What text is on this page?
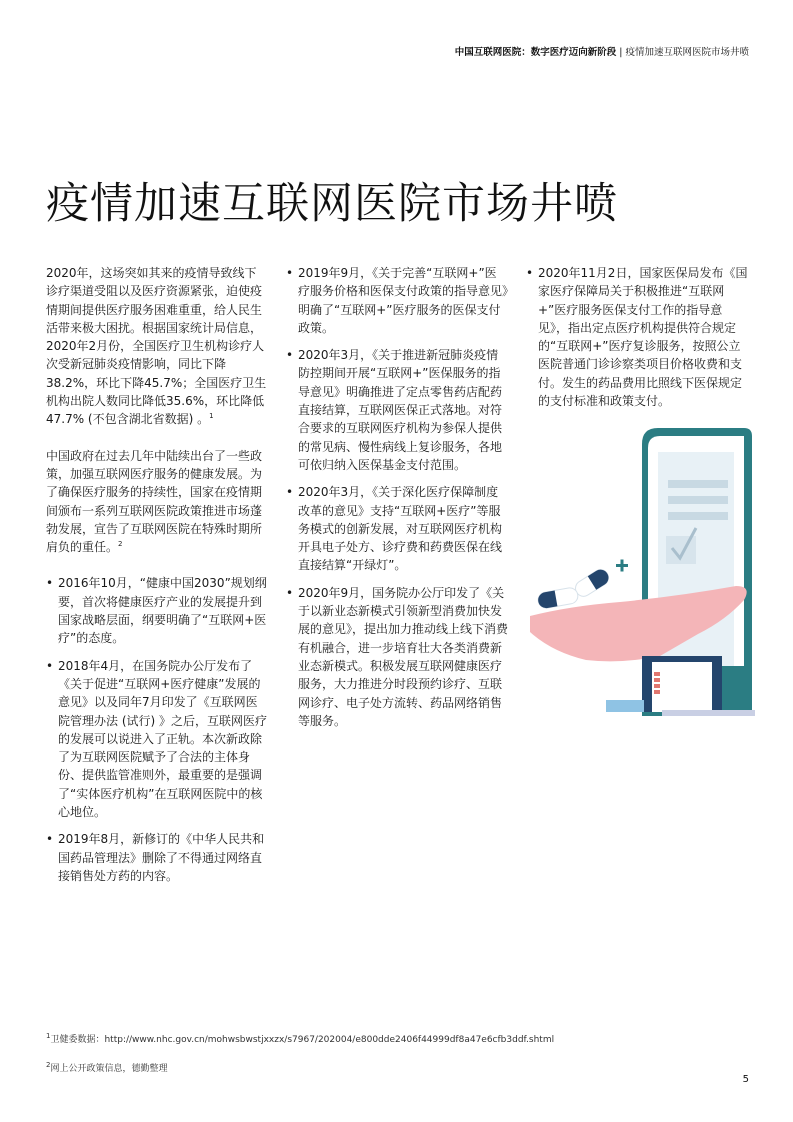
中国互联网医院：数字医疗迈向新阶段 | 疫情加速互联网医院市场井喷
疫情加速互联网医院市场井喷

2020年，这场突如其来的疫情导致线下诊疗渠道受阻以及医疗资源紧张，迫使疫情期间提供医疗服务困难重重，给人民生活带来极大困扰。根据国家统计局信息，2020年2月份，全国医疗卫生机构诊疗人次受新冠肺炎疫情影响，同比下降38.2%，环比下降45.7%；全国医疗卫生机构出院人数同比降低35.6%，环比降低47.7% (不包含湖北省数据) 。$^1$

中国政府在过去几年中陆续出台了一些政策，加强互联网医疗服务的健康发展。为了确保医疗服务的持续性，国家在疫情期间颁布一系列互联网医院政策推进市场蓬勃发展，宣告了互联网医院在特殊时期所肩负的重任。$^2$

• 2016年10月，“健康中国2030”规划纲要，首次将健康医疗产业的发展提升到国家战略层面，纲要明确了“互联网+医疗”的态度。
• 2018年4月，在国务院办公厅发布了《关于促进“互联网+医疗健康”发展的意见》以及同年7月印发了《互联网医院管理办法 (试行) 》之后，互联网医疗的发展可以说进入了正轨。本次新政除了为互联网医院赋予了合法的主体身份、提供监管准则外，最重要的是强调了“实体医疗机构”在互联网医院中的核心地位。
• 2019年8月，新修订的《中华人民共和国药品管理法》删除了不得通过网络直接销售处方药的内容。
• 2019年9月，《关于完善“互联网+”医疗服务价格和医保支付政策的指导意见》明确了“互联网+”医疗服务的医保支付政策。
• 2020年3月，《关于推进新冠肺炎疫情防控期间开展“互联网+”医保服务的指导意见》明确推进了定点零售药店配药直接结算，互联网医保正式落地。对符合要求的互联网医疗机构为参保人提供的常见病、慢性病线上复诊服务，各地可依归纳入医保基金支付范围。
• 2020年3月，《关于深化医疗保障制度改革的意见》支持“互联网+医疗”等服务模式的创新发展，对互联网医疗机构开具电子处方、诊疗费和药费医保在线直接结算“开绿灯”。
• 2020年9月，国务院办公厅印发了《关于以新业态新模式引领新型消费加快发展的意见》，提出加力推动线上线下消费有机融合，进一步培育壮大各类消费新业态新模式。积极发展互联网健康医疗服务，大力推进分时段预约诊疗、互联网诊疗、电子处方流转、药品网络销售等服务。
• 2020年11月2日，国家医保局发布《国家医疗保障局关于积极推进“互联网+”医疗服务医保支付工作的指导意见》，指出定点医疗机构提供符合规定的“互联网+”医疗复诊服务，按照公立医院普通门诊诊察类项目价格收费和支付。发生的药品费用比照线下医保规定的支付标准和政策支付。
$^1$卫健委数据：http://www.nhc.gov.cn/mohwsbwstjxxzx/s7967/202004/e800dde2406f44999df8a47e6cfb3ddf.shtml
$^2$网上公开政策信息，德勤整理
5
